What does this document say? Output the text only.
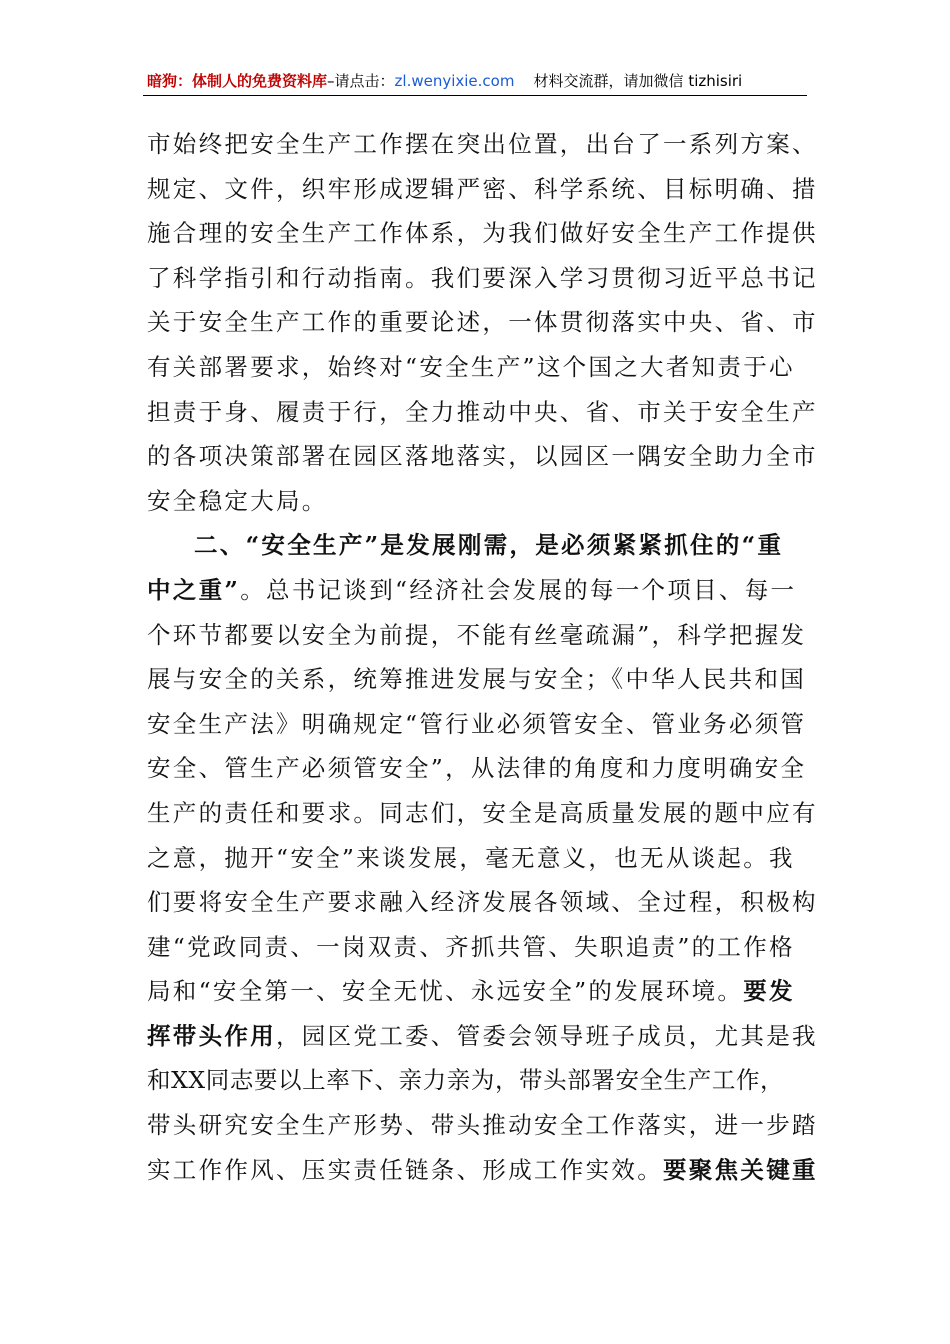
暗狗：体制人的免费资料库–请点击：zl.wenyixie.com 材料交流群，请加微信 tizhisiri
市始终把安全生产工作摆在突出位置，出台了一系列方案、
规定、文件，织牢形成逻辑严密、科学系统、目标明确、措
施合理的安全生产工作体系，为我们做好安全生产工作提供
了科学指引和行动指南。我们要深入学习贯彻习近平总书记
关于安全生产工作的重要论述，一体贯彻落实中央、省、市
有关部署要求，始终对“安全生产”这个国之大者知责于心
担责于身、履责于行，全力推动中央、省、市关于安全生产
的各项决策部署在园区落地落实，以园区一隅安全助力全市
安全稳定大局。
二、“安全生产”是发展刚需，是必须紧紧抓住的“重
中之重”。总书记谈到“经济社会发展的每一个项目、每一
个环节都要以安全为前提，不能有丝毫疏漏”，科学把握发
展与安全的关系，统筹推进发展与安全；《中华人民共和国
安全生产法》明确规定“管行业必须管安全、管业务必须管
安全、管生产必须管安全”，从法律的角度和力度明确安全
生产的责任和要求。同志们，安全是高质量发展的题中应有
之意，抛开“安全”来谈发展，毫无意义，也无从谈起。我
们要将安全生产要求融入经济发展各领域、全过程，积极构
建“党政同责、一岗双责、齐抓共管、失职追责”的工作格
局和“安全第一、安全无忧、永远安全”的发展环境。要发
挥带头作用，园区党工委、管委会领导班子成员，尤其是我
和XX同志要以上率下、亲力亲为，带头部署安全生产工作，
带头研究安全生产形势、带头推动安全工作落实，进一步踏
实工作作风、压实责任链条、形成工作实效。要聚焦关键重
